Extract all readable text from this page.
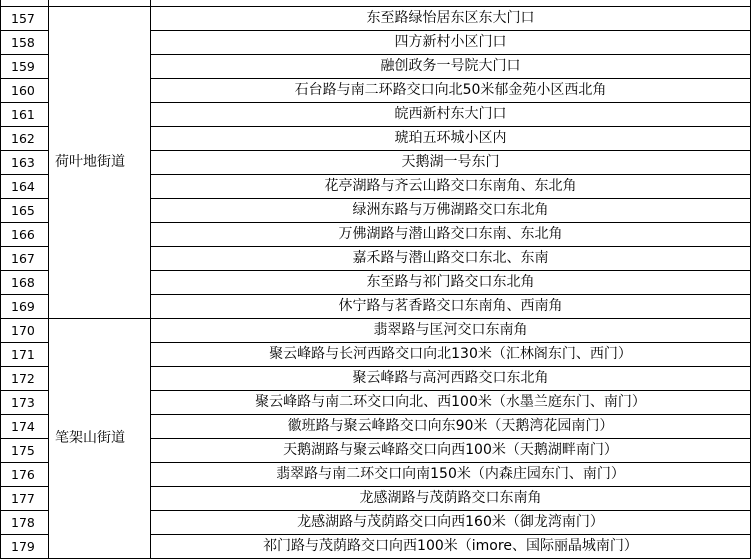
157	荷叶地街道	东至路绿怡居东区东大门口
158		四方新村小区门口
159		融创政务一号院大门口
160		石台路与南二环路交口向北50米郁金苑小区西北角
161		皖西新村东大门口
162		琥珀五环城小区内
163		天鹅湖一号东门
164		花亭湖路与齐云山路交口东南角、东北角
165		绿洲东路与万佛湖路交口东北角
166		万佛湖路与潜山路交口东南、东北角
167		嘉禾路与潜山路交口东北、东南
168		东至路与祁门路交口东北角
169		休宁路与茗香路交口东南角、西南角
170	笔架山街道	翡翠路与匡河交口东南角
171		聚云峰路与长河西路交口向北130米（汇林阁东门、西门）
172		聚云峰路与高河西路交口东北角
173		聚云峰路与南二环交口向北、西100米（水墨兰庭东门、南门）
174		徽班路与聚云峰路交口向东90米（天鹅湾花园南门）
175		天鹅湖路与聚云峰路交口向西100米（天鹅湖畔南门）
176		翡翠路与南二环交口向南150米（内森庄园东门、南门）
177		龙感湖路与茂荫路交口东南角
178		龙感湖路与茂荫路交口向西160米（御龙湾南门）
179		祁门路与茂荫路交口向西100米（imore、国际丽晶城南门）
